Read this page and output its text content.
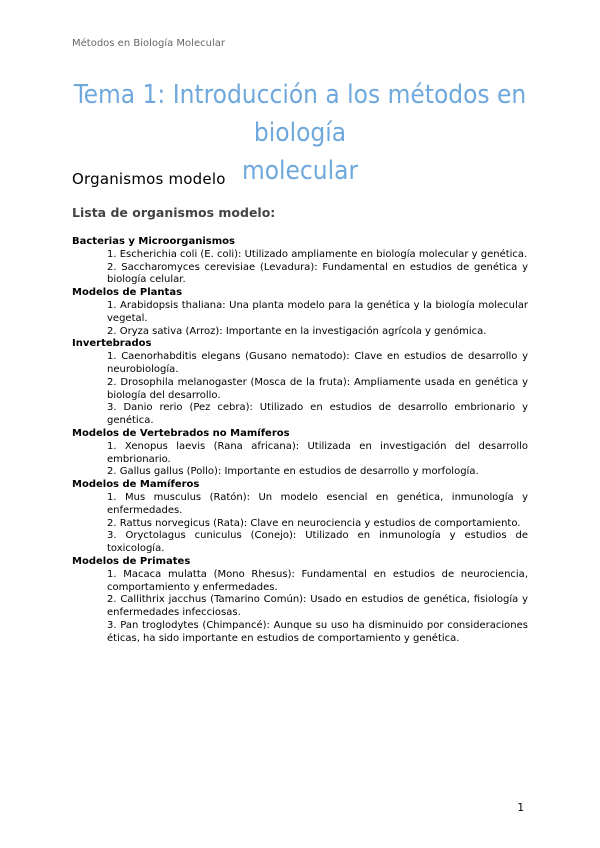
Métodos en Biología Molecular
Tema 1: Introducción a los métodos en biología
molecular
Organismos modelo
Lista de organismos modelo:
Bacterias y Microorganismos
1. Escherichia coli (E. coli): Utilizado ampliamente en biología molecular y genética.
2. Saccharomyces cerevisiae (Levadura): Fundamental en estudios de genética y biología celular.
Modelos de Plantas
1. Arabidopsis thaliana: Una planta modelo para la genética y la biología molecular vegetal.
2. Oryza sativa (Arroz): Importante en la investigación agrícola y genómica.
Invertebrados
1. Caenorhabditis elegans (Gusano nematodo): Clave en estudios de desarrollo y neurobiología.
2. Drosophila melanogaster (Mosca de la fruta): Ampliamente usada en genética y biología del desarrollo.
3. Danio rerio (Pez cebra): Utilizado en estudios de desarrollo embrionario y genética.
Modelos de Vertebrados no Mamíferos
1. Xenopus laevis (Rana africana): Utilizada en investigación del desarrollo embrionario.
2. Gallus gallus (Pollo): Importante en estudios de desarrollo y morfología.
Modelos de Mamíferos
1. Mus musculus (Ratón): Un modelo esencial en genética, inmunología y enfermedades.
2. Rattus norvegicus (Rata): Clave en neurociencia y estudios de comportamiento.
3. Oryctolagus cuniculus (Conejo): Utilizado en inmunología y estudios de toxicología.
Modelos de Primates
1. Macaca mulatta (Mono Rhesus): Fundamental en estudios de neurociencia, comportamiento y enfermedades.
2. Callithrix jacchus (Tamarino Común): Usado en estudios de genética, fisiología y enfermedades infecciosas.
3. Pan troglodytes (Chimpancé): Aunque su uso ha disminuido por consideraciones éticas, ha sido importante en estudios de comportamiento y genética.
1
